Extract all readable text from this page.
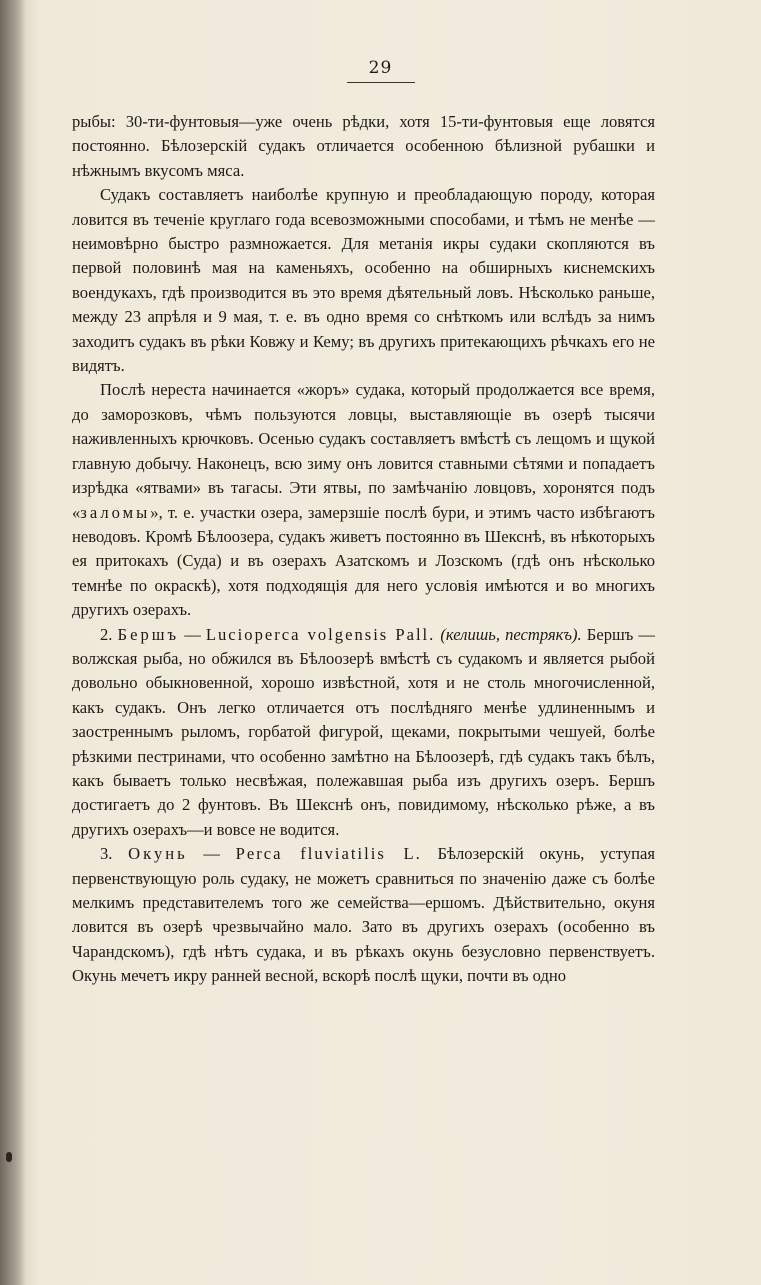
29

рыбы: 30-ти-фунтовыя—уже очень рѣдки, хотя 15-ти-фунтовыя еще ловятся постоянно. Бѣлозерскій судакъ отличается особенною бѣлизной рубашки и нѣжнымъ вкусомъ мяса.

Судакъ составляетъ наиболѣе крупную и преобладающую породу, которая ловится въ теченіе круглаго года всевозможными способами, и тѣмъ не менѣе — неимовѣрно быстро размножается. Для метанія икры судаки скопляются въ первой половинѣ мая на каменьяхъ, особенно на обширныхъ киснемскихъ воендукахъ, гдѣ производится въ это время дѣятельный ловъ. Нѣсколько раньше, между 23 апрѣля и 9 мая, т. е. въ одно время со снѣткомъ или вслѣдъ за нимъ заходитъ судакъ въ рѣки Ковжу и Кему; въ другихъ притекающихъ рѣчкахъ его не видятъ.

Послѣ нереста начинается «жоръ» судака, который продолжается все время, до заморозковъ, чѣмъ пользуются ловцы, выставляющіе въ озерѣ тысячи наживленныхъ крючковъ. Осенью судакъ составляетъ вмѣстѣ съ лещомъ и щукой главную добычу. Наконецъ, всю зиму онъ ловится ставными сѣтями и попадаетъ изрѣдка «ятвами» въ тагасы. Эти ятвы, по замѣчанію ловцовъ, хоронятся подъ «заломы», т. е. участки озера, замерзшіе послѣ бури, и этимъ часто избѣгаютъ неводовъ. Кромѣ Бѣлоозера, судакъ живетъ постоянно въ Шекснѣ, въ нѣкоторыхъ ея притокахъ (Суда) и въ озерахъ Азатскомъ и Лозскомъ (гдѣ онъ нѣсколько темнѣе по окраскѣ), хотя подходящія для него условія имѣются и во многихъ другихъ озерахъ.

2. Бершъ — Lucioperca volgensis Pall. (келишь, пестрякъ). Бершъ — волжская рыба, но обжился въ Бѣлоозерѣ вмѣстѣ съ судакомъ и является рыбой довольно обыкновенной, хорошо извѣстной, хотя и не столь многочисленной, какъ судакъ. Онъ легко отличается отъ послѣдняго менѣе удлиненнымъ и заостреннымъ рыломъ, горбатой фигурой, щеками, покрытыми чешуей, болѣе рѣзкими пестринами, что особенно замѣтно на Бѣлоозерѣ, гдѣ судакъ такъ бѣлъ, какъ бываетъ только несвѣжая, полежавшая рыба изъ другихъ озеръ. Бершъ достигаетъ до 2 фунтовъ. Въ Шекснѣ онъ, повидимому, нѣсколько рѣже, а въ другихъ озерахъ—и вовсе не водится.

3. Окунь — Perca fluviatilis L. Бѣлозерскій окунь, уступая первенствующую роль судаку, не можетъ сравниться по значенію даже съ болѣе мелкимъ представителемъ того же семейства—ершомъ. Дѣйствительно, окуня ловится въ озерѣ чрезвычайно мало. Зато въ другихъ озерахъ (особенно въ Чарандскомъ), гдѣ нѣтъ судака, и въ рѣкахъ окунь безусловно первенствуетъ. Окунь мечетъ икру ранней весной, вскорѣ послѣ щуки, почти въ одно
